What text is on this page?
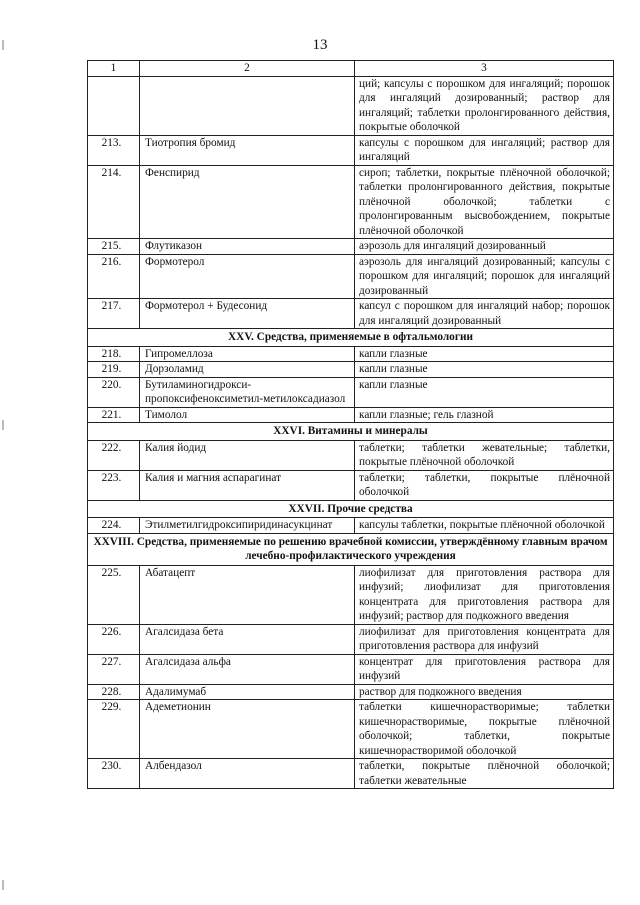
13
1	2	3
		ций; капсулы с порошком для ингаляций; порошок для ингаляций дозированный; раствор для ингаляций; таблетки пролонгированного действия, покрытые оболочкой
213.	Тиотропия бромид	капсулы с порошком для ингаляций; раствор для ингаляций
214.	Фенспирид	сироп; таблетки, покрытые плёночной оболочкой; таблетки пролонгированного действия, покрытые плёночной оболочкой; таблетки с пролонгированным высвобождением, покрытые плёночной оболочкой
215.	Флутиказон	аэрозоль для ингаляций дозированный
216.	Формотерол	аэрозоль для ингаляций дозированный; капсулы с порошком для ингаляций; порошок для ингаляций дозированный
217.	Формотерол + Будесонид	капсул с порошком для ингаляций набор; порошок для ингаляций дозированный
XXV. Средства, применяемые в офтальмологии		
218.	Гипромеллоза	капли глазные
219.	Дорзоламид	капли глазные
220.	Бутиламиногидрокси-пропоксифеноксиметил-метилоксадиазол	капли глазные
221.	Тимолол	капли глазные; гель глазной
XXVI. Витамины и минералы		
222.	Калия йодид	таблетки; таблетки жевательные; таблетки, покрытые плёночной оболочкой
223.	Калия и магния аспарагинат	таблетки; таблетки, покрытые плёночной оболочкой
XXVII. Прочие средства		
224.	Этилметилгидроксипиридинасукцинат	капсулы таблетки, покрытые плёночной оболочкой
XXVIII. Средства, применяемые по решению врачебной комиссии, утверждённому главным врачом лечебно-профилактического учреждения		
225.	Абатацепт	лиофилизат для приготовления раствора для инфузий; лиофилизат для приготовления концентрата для приготовления раствора для инфузий; раствор для подкожного введения
226.	Агалсидаза бета	лиофилизат для приготовления концентрата для приготовления раствора для инфузий
227.	Агалсидаза альфа	концентрат для приготовления раствора для инфузий
228.	Адалимумаб	раствор для подкожного введения
229.	Адеметионин	таблетки кишечнорастворимые; таблетки кишечнорастворимые, покрытые плёночной оболочкой; таблетки, покрытые кишечнорастворимой оболочкой
230.	Албендазол	таблетки, покрытые плёночной оболочкой; таблетки жевательные
